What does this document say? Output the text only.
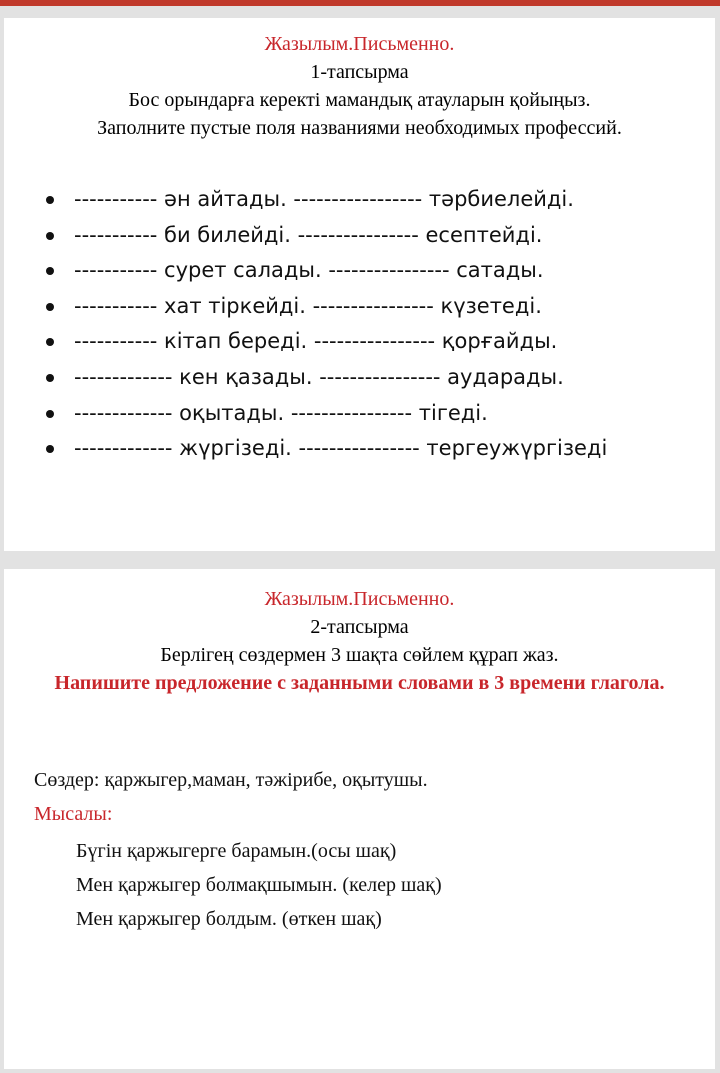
Жазылым.Письменно.
1-тапсырма
Бос орындарға керекті мамандық атауларын қойыңыз.
Заполните пустые поля названиями необходимых профессий.
----------- ән айтады. ----------------- тәрбиелейді.
----------- би билейді. ---------------- есептейді.
----------- сурет салады. ---------------- сатады.
----------- хат тіркейді. ---------------- күзетеді.
----------- кітап береді. ---------------- қорғайды.
------------- кен қазады. ---------------- аударады.
------------- оқытады. ---------------- тігеді.
------------- жүргізеді. ---------------- тергеужүргізеді
Жазылым.Письменно.
2-тапсырма
Берлігең сөздермен 3 шақта сөйлем құрап жаз.
Напишите предложение с заданными словами в 3 времени глагола.
Сөздер: қаржыгер,маман, тәжірибе, оқытушы.
Мысалы:
Бүгін қаржыгерге барамын.(осы шақ)
Мен қаржыгер болмақшымын. (келер шақ)
Мен қаржыгер болдым. (өткен шақ)
